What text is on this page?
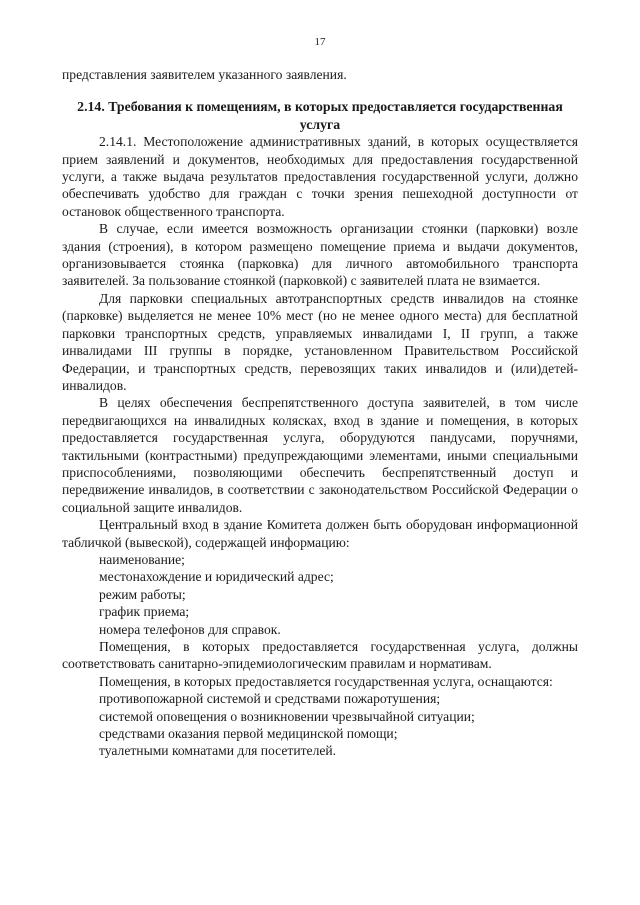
17

представления заявителем указанного заявления.

2.14. Требования к помещениям, в которых предоставляется государственная услуга

2.14.1. Местоположение административных зданий, в которых осуществляется прием заявлений и документов, необходимых для предоставления государственной услуги, а также выдача результатов предоставления государственной услуги, должно обеспечивать удобство для граждан с точки зрения пешеходной доступности от остановок общественного транспорта.

В случае, если имеется возможность организации стоянки (парковки) возле здания (строения), в котором размещено помещение приема и выдачи документов, организовывается стоянка (парковка) для личного автомобильного транспорта заявителей. За пользование стоянкой (парковкой) с заявителей плата не взимается.

Для парковки специальных автотранспортных средств инвалидов на стоянке (парковке) выделяется не менее 10% мест (но не менее одного места) для бесплатной парковки транспортных средств, управляемых инвалидами I, II групп, а также инвалидами III группы в порядке, установленном Правительством Российской Федерации, и транспортных средств, перевозящих таких инвалидов и (или)детей-инвалидов.

В целях обеспечения беспрепятственного доступа заявителей, в том числе передвигающихся на инвалидных колясках, вход в здание и помещения, в которых предоставляется государственная услуга, оборудуются пандусами, поручнями, тактильными (контрастными) предупреждающими элементами, иными специальными приспособлениями, позволяющими обеспечить беспрепятственный доступ и передвижение инвалидов, в соответствии с законодательством Российской Федерации о социальной защите инвалидов.

Центральный вход в здание Комитета должен быть оборудован информационной табличкой (вывеской), содержащей информацию:

наименование;

местонахождение и юридический адрес;

режим работы;

график приема;

номера телефонов для справок.

Помещения, в которых предоставляется государственная услуга, должны соответствовать санитарно-эпидемиологическим правилам и нормативам.

Помещения, в которых предоставляется государственная услуга, оснащаются:

противопожарной системой и средствами пожаротушения;

системой оповещения о возникновении чрезвычайной ситуации;

средствами оказания первой медицинской помощи;

туалетными комнатами для посетителей.
